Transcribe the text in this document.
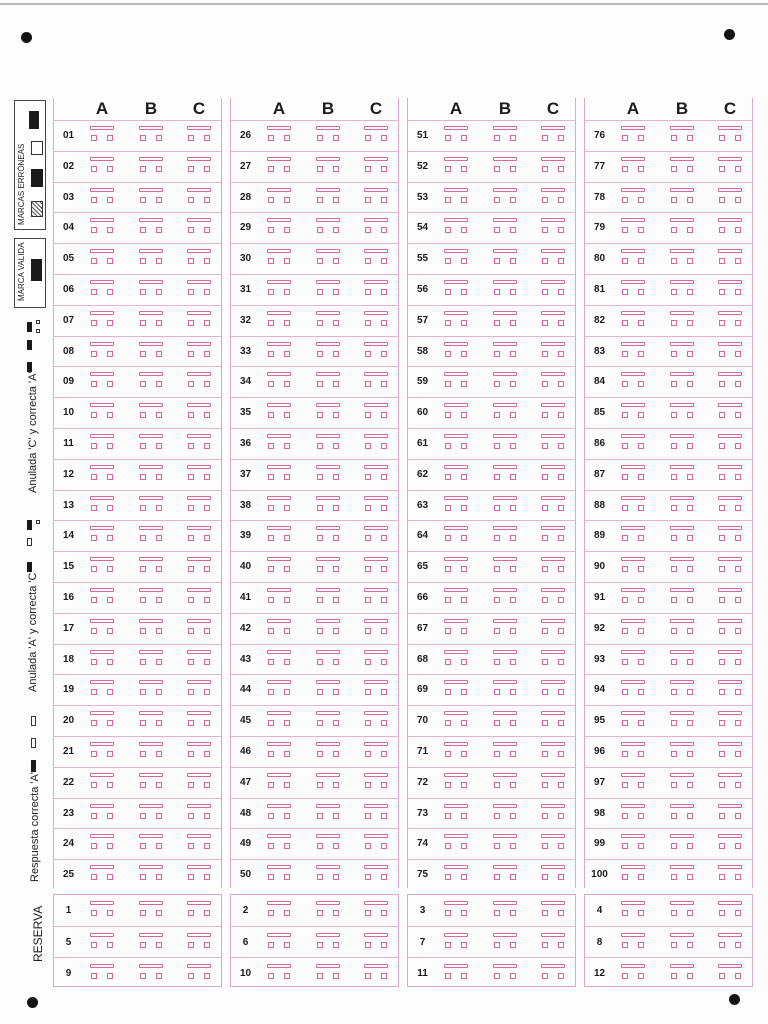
MARCAS ERRÓNEAS
MARCA VALIDA
Anulada 'C' y correcta 'A'
Anulada 'A' y correcta 'C'
Respuesta correcta 'A'
RESERVA
A	B	C
01
02
03
04
05
06
07
08
09
10
11
12
13
14
15
16
17
18
19
20
21
22
23
24
25
A	B	C
26
27
28
29
30
31
32
33
34
35
36
37
38
39
40
41
42
43
44
45
46
47
48
49
50
A	B	C
51
52
53
54
55
56
57
58
59
60
61
62
63
64
65
66
67
68
69
70
71
72
73
74
75
A	B	C
76
77
78
79
80
81
82
83
84
85
86
87
88
89
90
91
92
93
94
95
96
97
98
99
100
1
5
9
2
6
10
3
7
11
4
8
12
